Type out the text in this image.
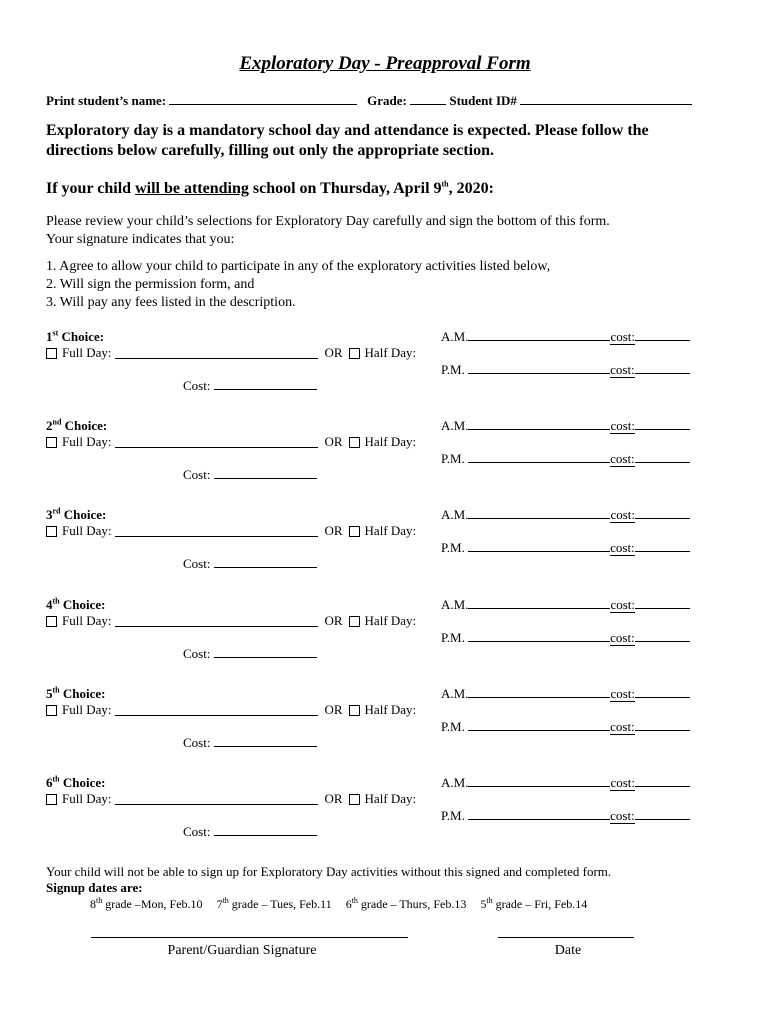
Exploratory Day - Preapproval Form
Print student’s name:	Grade:	Student ID#
Exploratory day is a mandatory school day and attendance is expected. Please follow the
directions below carefully, filling out only the appropriate section.
If your child will be attending school on Thursday, April 9th, 2020:
Please review your child’s selections for Exploratory Day carefully and sign the bottom of this form.
Your signature indicates that you:
1. Agree to allow your child to participate in any of the exploratory activities listed below,
2. Will sign the permission form, and
3. Will pay any fees listed in the description.
1st Choice:
Full Day:	OR Half Day:
A.M.	cost:
P.M.	cost:
Cost:
2nd Choice:
Full Day:	OR Half Day:
A.M.	cost:
P.M.	cost:
Cost:
3rd Choice:
Full Day:	OR Half Day:
A.M.	cost:
P.M.	cost:
Cost:
4th Choice:
Full Day:	OR Half Day:
A.M.	cost:
P.M.	cost:
Cost:
5th Choice:
Full Day:	OR Half Day:
A.M.	cost:
P.M.	cost:
Cost:
6th Choice:
Full Day:	OR Half Day:
A.M.	cost:
P.M.	cost:
Cost:
Your child will not be able to sign up for Exploratory Day activities without this signed and completed form.
Signup dates are:
8th grade –Mon, Feb.10 7th grade – Tues, Feb.11 6th grade – Thurs, Feb.13 5th grade – Fri, Feb.14
Parent/Guardian Signature	Date
